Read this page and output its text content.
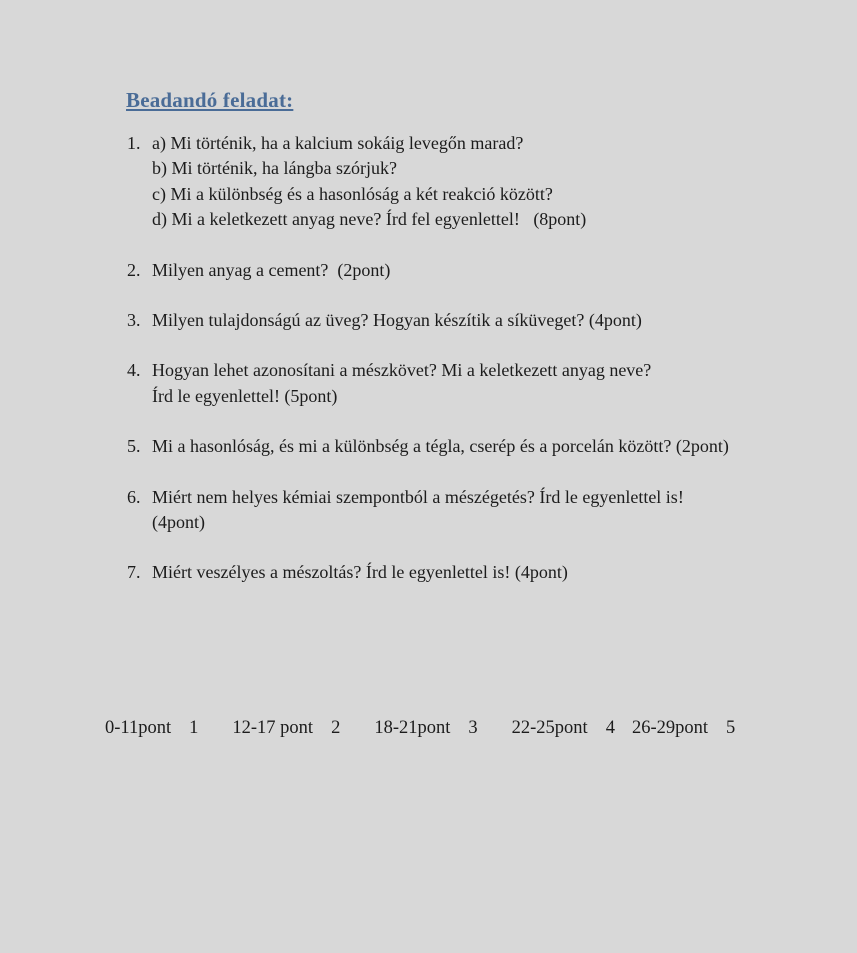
Beadandó feladat:
1. a) Mi történik, ha a kalcium sokáig levegőn marad?
b) Mi történik, ha lángba szórjuk?
c) Mi a különbség és a hasonlóság a két reakció között?
d) Mi a keletkezett anyag neve? Írd fel egyenlettel!   (8pont)
2. Milyen anyag a cement?  (2pont)
3. Milyen tulajdonságú az üveg? Hogyan készítik a síküveget? (4pont)
4. Hogyan lehet azonosítani a mészkövet? Mi a keletkezett anyag neve?
Írd le egyenlettel! (5pont)
5. Mi a hasonlóság, és mi a különbség a tégla, cserép és a porcelán között? (2pont)
6. Miért nem helyes kémiai szempontból a mészégetés? Írd le egyenlettel is!
(4pont)
7. Miért veszélyes a mészoltás? Írd le egyenlettel is! (4pont)
0-11pont 1 12-17 pont 2 18-21pont 3 22-25pont 4 26-29pont 5
